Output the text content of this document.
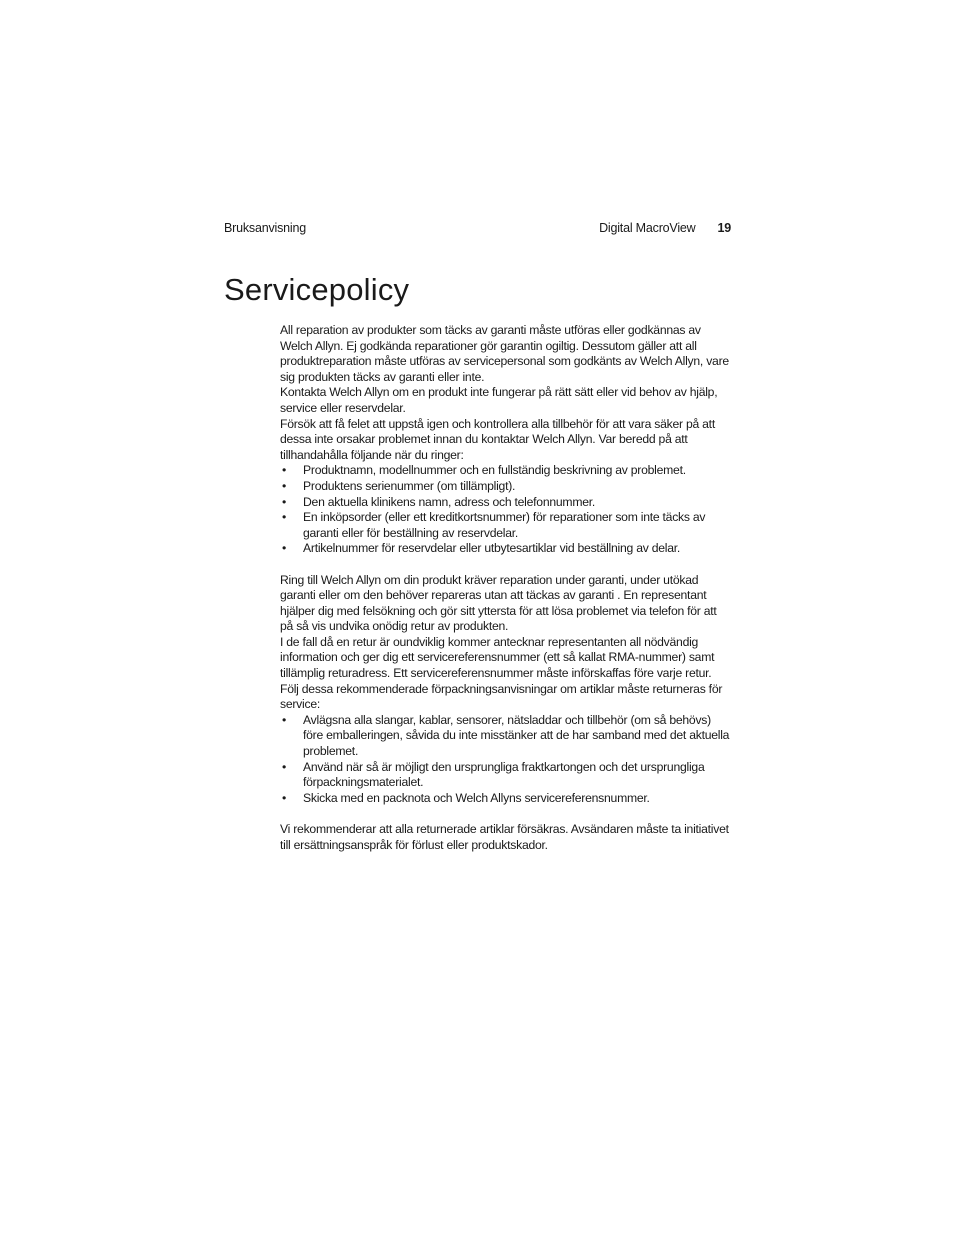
Bruksanvisning	Digital MacroView 19
Servicepolicy

All reparation av produkter som täcks av garanti måste utföras eller godkännas av Welch Allyn. Ej godkända reparationer gör garantin ogiltig. Dessutom gäller att all produktreparation måste utföras av servicepersonal som godkänts av Welch Allyn, vare sig produkten täcks av garanti eller inte.

Kontakta Welch Allyn om en produkt inte fungerar på rätt sätt eller vid behov av hjälp, service eller reservdelar.

Försök att få felet att uppstå igen och kontrollera alla tillbehör för att vara säker på att dessa inte orsakar problemet innan du kontaktar Welch Allyn. Var beredd på att tillhandahålla följande när du ringer:

• Produktnamn, modellnummer och en fullständig beskrivning av problemet.
• Produktens serienummer (om tillämpligt).
• Den aktuella klinikens namn, adress och telefonnummer.
• En inköpsorder (eller ett kreditkortsnummer) för reparationer som inte täcks av garanti eller för beställning av reservdelar.
• Artikelnummer för reservdelar eller utbytesartiklar vid beställning av delar.

Ring till Welch Allyn om din produkt kräver reparation under garanti, under utökad garanti eller om den behöver repareras utan att täckas av garanti . En representant hjälper dig med felsökning och gör sitt yttersta för att lösa problemet via telefon för att på så vis undvika onödig retur av produkten.

I de fall då en retur är oundviklig kommer antecknar representanten all nödvändig information och ger dig ett servicereferensnummer (ett så kallat RMA-nummer) samt tillämplig returadress. Ett servicereferensnummer måste införskaffas före varje retur.

Följ dessa rekommenderade förpackningsanvisningar om artiklar måste returneras för service:

• Avlägsna alla slangar, kablar, sensorer, nätsladdar och tillbehör (om så behövs) före emballeringen, såvida du inte misstänker att de har samband med det aktuella problemet.
• Använd när så är möjligt den ursprungliga fraktkartongen och det ursprungliga förpackningsmaterialet.
• Skicka med en packnota och Welch Allyns servicereferensnummer.

Vi rekommenderar att alla returnerade artiklar försäkras. Avsändaren måste ta initiativet till ersättningsanspråk för förlust eller produktskador.
